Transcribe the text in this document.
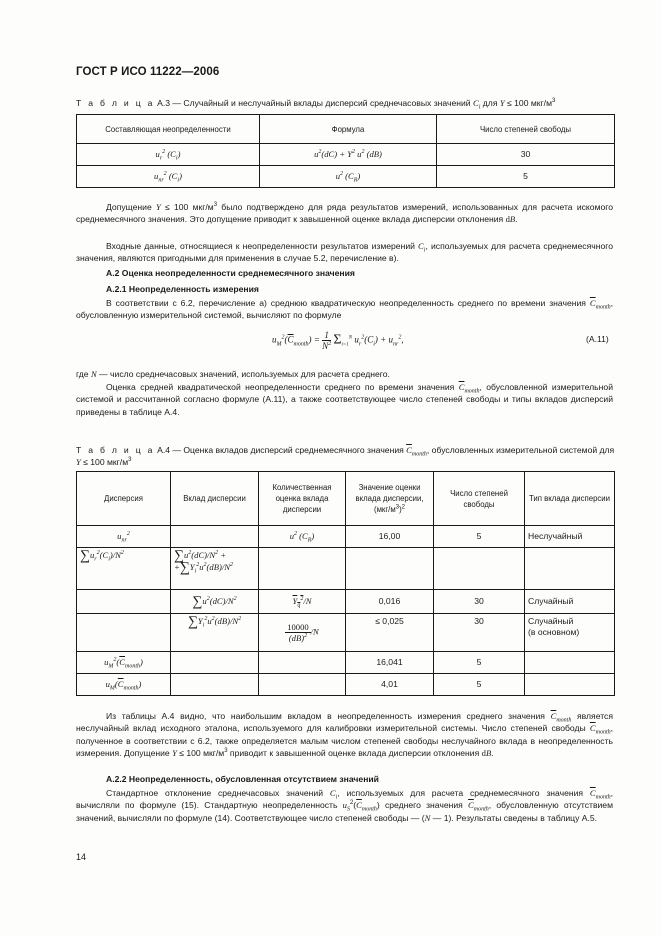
ГОСТ Р ИСО 11222—2006
Т а б л и ц а А.3 — Случайный и неслучайный вклады дисперсий среднечасовых значений $C_i$ для Y ≤ 100 мкг/$м^3$
Составляющая неопределенности	Формула	Число степеней свободы
$u_r^2$ $(C_i)$	$u^2(dC) + Y^2$ $u^2$ (dB)	30
$u_{nr}^2$ $(C_i)$	$u^2$ $(C_R)$	5

Допущение Y ≤ 100 мкг/$м^3$ было подтверждено для ряда результатов измерений, использованных для расчета искомого среднемесячного значения. Это допущение приводит к завышенной оценке вклада дисперсии отклонения dB.

Входные данные, относящиеся к неопределенности результатов измерений $C_i$, используемых для расчета среднемесячного значения, являются пригодными для применения в случае 5.2, перечисление в).

А.2 Оценка неопределенности среднемесячного значения
А.2.1 Неопределенность измерения

В соответствии с 6.2, перечисление а) среднюю квадратическую неопределенность среднего по времени значения $\overline{C}_{month}$, обусловленную измерительной системой, вычисляют по формуле

$u_M^2(\overline{C}_{month}) = \frac{1}{N^2} \Sigma_{i=1}^N$ $u_r^2(C_i) + u_{nr}^2$,	(А.11)

где N — число среднечасовых значений, используемых для расчета среднего.

Оценка средней квадратической неопределенности среднего по времени значения $\overline{C}_{month}$, обусловленной измерительной системой и рассчитанной согласно формуле (А.11), а также соответствующее число степеней свободы и типы вкладов дисперсий приведены в таблице А.4.

Т а б л и ц а А.4 — Оценка вкладов дисперсий среднемесячного значения $\overline{C}_{month}$, обусловленных измерительной системой для Y ≤ 100 мкг/$м^3$
Дисперсия	Вклад дисперсии	Количественная оценка вклада дисперсии	Значение оценки вклада дисперсии, $(мкг/м^3)^2$	Число степеней свободы	Тип вклада дисперсии
$u_{nr}^2$		$u^2$ $(C_R)$	16,00	5	Неслучайный
$\sum u_r^2(C_i)/N^2$	$\sum u^2(dC)/N^2$ +
$+\sum Y_i^2u^2(dB)/N^2$				
	$\sum u^2(dC)/N^2$	$Y_q^2/N$	0,016	30	Случайный
	$\sum Y_i^2u^2(dB)/N^2$	$\frac{10000}{(dB)^2} /N$	≤ 0,025	30	Случайный
(в основном)
$u_M^2(\overline{C}_{month})$			16,041	5	
$u_M(\overline{C}_{month})$			4,01	5	

Из таблицы А.4 видно, что наибольшим вкладом в неопределенность измерения среднего значения $\overline{C}_{month}$ является неслучайный вклад исходного эталона, используемого для калибровки измерительной системы. Число степеней свободы $\overline{C}_{month}$, полученное в соответствии с 6.2, также определяется малым числом степеней свободы неслучайного вклада в неопределенность измерения. Допущение Y ≤ 100 мкг/$м^3$ приводит к завышенной оценке вклада дисперсии отклонения dB.

А.2.2 Неопределенность, обусловленная отсутствием значений

Стандартное отклонение среднечасовых значений $C_i$, используемых для расчета среднемесячного значения $\overline{C}_{month}$, вычисляли по формуле (15). Стандартную неопределенность $u_S^2(\overline{C}_{month})$ среднего значения $\overline{C}_{month}$, обусловленную отсутствием значений, вычисляли по формуле (14). Соответствующее число степеней свободы — (N — 1). Результаты сведены в таблицу А.5.

14
